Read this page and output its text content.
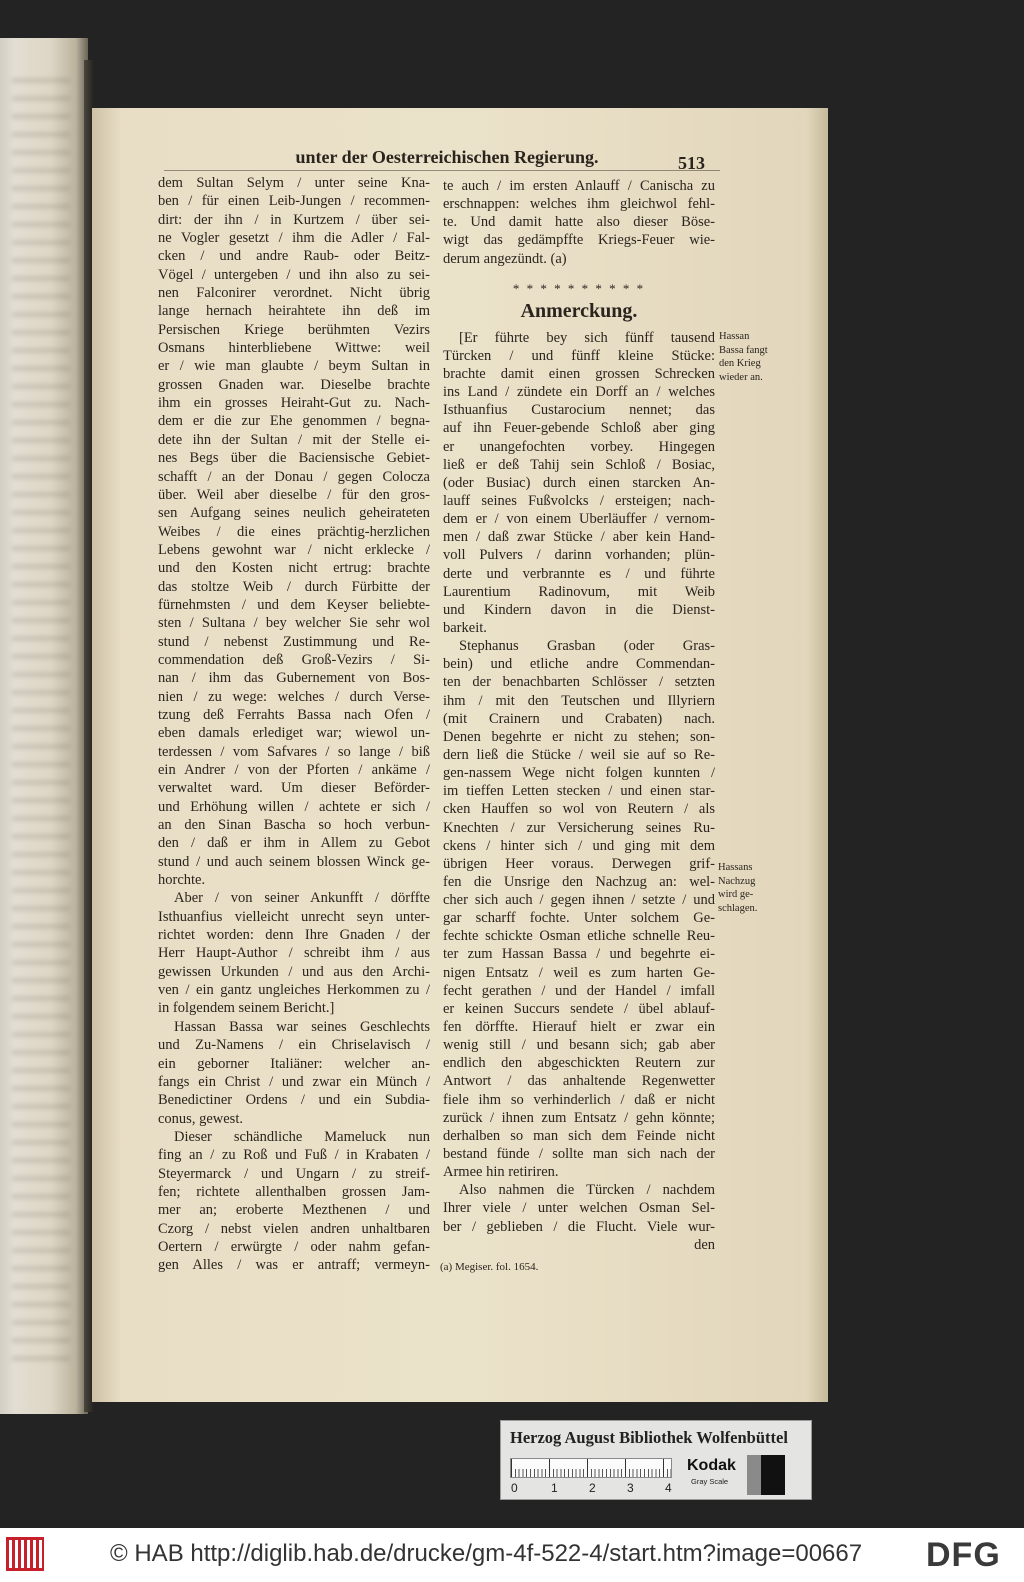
unter der Oesterreichischen Regierung.	513
dem Sultan Selym / unter seine Kna-
ben / für einen Leib-Jungen / recommen-
dirt: der ihn / in Kurtzem / über sei-
ne Vogler gesetzt / ihm die Adler / Fal-
cken / und andre Raub- oder Beitz-
Vögel / untergeben / und ihn also zu sei-
nen Falconirer verordnet. Nicht übrig
lange hernach heirahtete ihn deß im
Persischen Kriege berühmten Vezirs
Osmans hinterbliebene Wittwe: weil
er / wie man glaubte / beym Sultan in
grossen Gnaden war. Dieselbe brachte
ihm ein grosses Heiraht-Gut zu. Nach-
dem er die zur Ehe genommen / begna-
dete ihn der Sultan / mit der Stelle ei-
nes Begs über die Baciensische Gebiet-
schafft / an der Donau / gegen Colocza
über. Weil aber dieselbe / für den gros-
sen Aufgang seines neulich geheirateten
Weibes / die eines prächtig-herzlichen
Lebens gewohnt war / nicht erklecke /
und den Kosten nicht ertrug: brachte
das stoltze Weib / durch Fürbitte der
fürnehmsten / und dem Keyser beliebte-
sten / Sultana / bey welcher Sie sehr wol
stund / nebenst Zustimmung und Re-
commendation deß Groß-Vezirs / Si-
nan / ihm das Gubernement von Bos-
nien / zu wege: welches / durch Verse-
tzung deß Ferrahts Bassa nach Ofen /
eben damals erlediget war; wiewol un-
terdessen / vom Safvares / so lange / biß
ein Andrer / von der Pforten / ankäme /
verwaltet ward. Um dieser Beförder-
und Erhöhung willen / achtete er sich /
an den Sinan Bascha so hoch verbun-
den / daß er ihm in Allem zu Gebot
stund / und auch seinem blossen Winck ge-
horchte.
Aber / von seiner Ankunfft / dörffte
Isthuanfius vielleicht unrecht seyn unter-
richtet worden: denn Ihre Gnaden / der
Herr Haupt-Author / schreibt ihm / aus
gewissen Urkunden / und aus den Archi-
ven / ein gantz ungleiches Herkommen zu /
in folgendem seinem Bericht.]
Hassan Bassa war seines Geschlechts
und Zu-Namens / ein Chriselavisch /
ein geborner Italiäner: welcher an-
fangs ein Christ / und zwar ein Münch /
Benedictiner Ordens / und ein Subdia-
conus, gewest.
Dieser schändliche Mameluck nun
fing an / zu Roß und Fuß / in Krabaten /
Steyermarck / und Ungarn / zu streif-
fen; richtete allenthalben grossen Jam-
mer an; eroberte Mezthenen / und
Czorg / nebst vielen andren unhaltbaren
Oertern / erwürgte / oder nahm gefan-
gen Alles / was er antraff; vermeyn-
te auch / im ersten Anlauff / Canischa zu
erschnappen: welches ihm gleichwol fehl-
te. Und damit hatte also dieser Böse-
wigt das gedämpffte Kriegs-Feuer wie-
derum angezündt. (a)
* * * * * * * * * *
Anmerckung.
[Er führte bey sich fünff tausend
Türcken / und fünff kleine Stücke:
brachte damit einen grossen Schrecken
ins Land / zündete ein Dorff an / welches
Isthuanfius Custarocium nennet; das
auf ihn Feuer-gebende Schloß aber ging
er unangefochten vorbey. Hingegen
ließ er deß Tahij sein Schloß / Bosiac,
(oder Busiac) durch einen starcken An-
lauff seines Fußvolcks / ersteigen; nach-
dem er / von einem Uberläuffer / vernom-
men / daß zwar Stücke / aber kein Hand-
voll Pulvers / darinn vorhanden; plün-
derte und verbrannte es / und führte
Laurentium Radinovum, mit Weib
und Kindern davon in die Dienst-
barkeit.
Stephanus Grasban (oder Gras-
bein) und etliche andre Commendan-
ten der benachbarten Schlösser / setzten
ihm / mit den Teutschen und Illyriern
(mit Crainern und Crabaten) nach.
Denen begehrte er nicht zu stehen; son-
dern ließ die Stücke / weil sie auf so Re-
gen-nassem Wege nicht folgen kunnten /
im tieffen Letten stecken / und einen star-
cken Hauffen so wol von Reutern / als
Knechten / zur Versicherung seines Ru-
ckens / hinter sich / und ging mit dem
übrigen Heer voraus. Derwegen grif-
fen die Unsrige den Nachzug an: wel-
cher sich auch / gegen ihnen / setzte / und
gar scharff fochte. Unter solchem Ge-
fechte schickte Osman etliche schnelle Reu-
ter zum Hassan Bassa / und begehrte ei-
nigen Entsatz / weil es zum harten Ge-
fecht gerathen / und der Handel / imfall
er keinen Succurs sendete / übel ablauf-
fen dörffte. Hierauf hielt er zwar ein
wenig still / und besann sich; gab aber
endlich den abgeschickten Reutern zur
Antwort / das anhaltende Regenwetter
fiele ihm so verhinderlich / daß er nicht
zurück / ihnen zum Entsatz / gehn könnte;
derhalben so man sich dem Feinde nicht
bestand fünde / sollte man sich nach der
Armee hin retiriren.
Also nahmen die Türcken / nachdem
Ihrer viele / unter welchen Osman Sel-
ber / geblieben / die Flucht. Viele wur-
den
Hassan
Bassa fangt
den Krieg
wieder an.
Hassans
Nachzug
wird ge-
schlagen.
(a) Megiser. fol. 1654.
Herzog August Bibliothek Wolfenbüttel
0	1	2	3	4
Kodak
Gray Scale
© HAB http://diglib.hab.de/drucke/gm-4f-522-4/start.htm?image=00667 DFG
